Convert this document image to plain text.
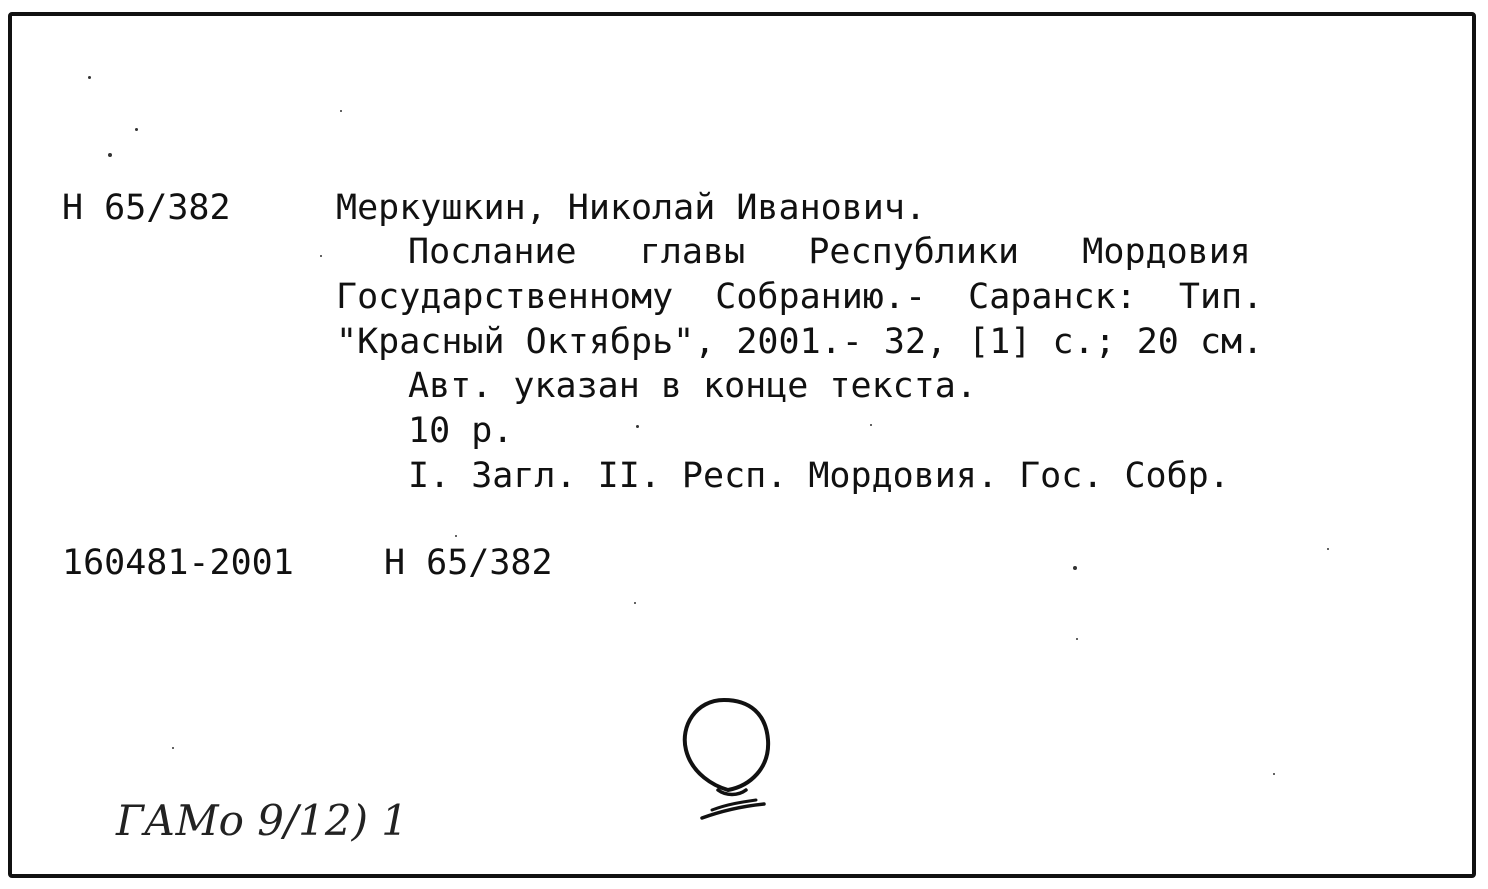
Н 65/382	Меркушкин, Николай Иванович.
Послание   главы   Республики   Мордовия
Государственному  Собранию.-  Саранск:  Тип.
"Красный Октябрь", 2001.- 32, [1] с.; 20 см.
Авт. указан в конце текста.
10 р.
I. Загл. II. Респ. Мордовия. Гос. Собр.
160481-2001	Н 65/382
ГАМо 9/12) 1
